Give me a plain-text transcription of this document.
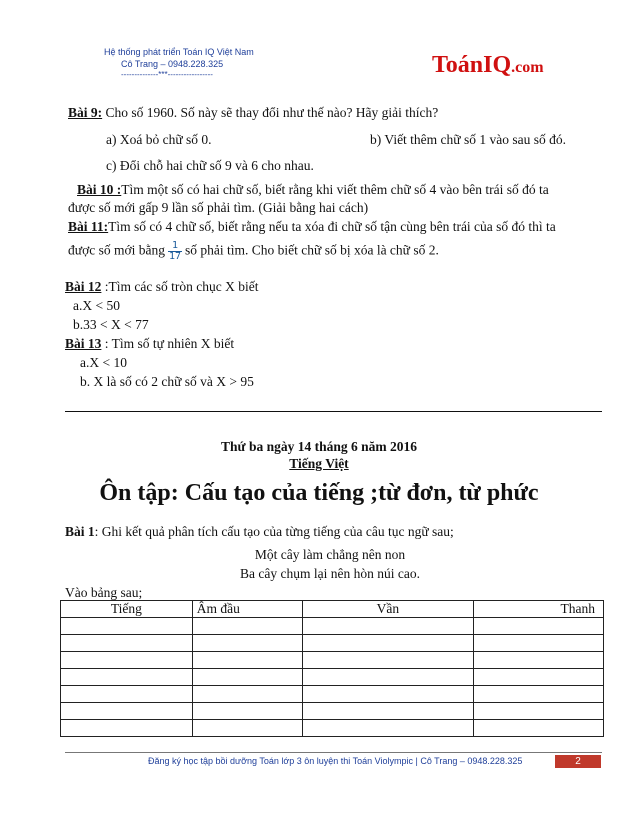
Hệ thống phát triển Toán IQ Việt Nam
Cô Trang – 0948.228.325
--------------***-----------------	ToánIQ.com
Bài 9: Cho số 1960. Số này sẽ thay đổi như thế nào? Hãy giải thích?
a) Xoá bỏ chữ số 0.	b) Viết thêm chữ số 1 vào sau số đó.
c) Đổi chỗ hai chữ số 9 và 6 cho nhau.
Bài 10 :Tìm một số có hai chữ số, biết rằng khi viết thêm chữ số 4 vào bên trái số đó ta
được số mới gấp 9 lần số phải tìm. (Giải bằng hai cách)
Bài 11:Tìm số có 4 chữ số, biết rằng nếu ta xóa đi chữ số tận cùng bên trái của số đó thì ta
được số mới bằng $\frac{1}{17}$ số phải tìm. Cho biết chữ số bị xóa là chữ số 2.
Bài 12 :Tìm các số tròn chục X biết
a.X < 50
b.33 < X < 77
Bài 13 : Tìm số tự nhiên X biết
a.X < 10
b. X là số có 2 chữ số và X > 95
Thứ ba ngày 14 tháng 6 năm 2016
Tiếng Việt
Ôn tập: Cấu tạo của tiếng ;từ đơn, từ phức
Bài 1: Ghi kết quả phân tích cấu tạo của từng tiếng của câu tục ngữ sau;
Một cây làm chẳng nên non
Ba cây chụm lại nên hòn núi cao.
Vào bảng sau;
Tiếng	Âm đầu	Vần	Thanh

Đăng ký học tập bồi dưỡng Toán lớp 3 ôn luyện thi Toán Violympic | Cô Trang – 0948.228.325	2
